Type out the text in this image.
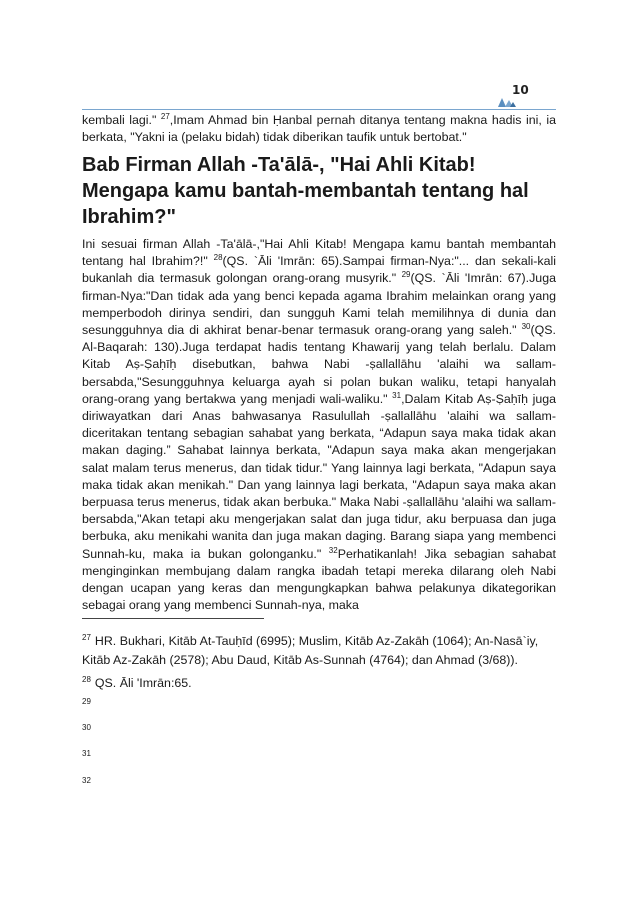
10
kembali lagi." $^{27}$,Imam Ahmad bin Ḥanbal pernah ditanya tentang makna hadis ini, ia berkata, "Yakni ia (pelaku bidah) tidak diberikan taufik untuk bertobat."
Bab Firman Allah -Ta'ālā-, "Hai Ahli Kitab! Mengapa kamu bantah-membantah tentang hal Ibrahim?"
Ini sesuai firman Allah -Ta'ālā-,"Hai Ahli Kitab! Mengapa kamu bantah membantah tentang hal Ibrahim?!" $^{28}$(QS. `Āli 'Imrān: 65).Sampai firman-Nya:"... dan sekali-kali bukanlah dia termasuk golongan orang-orang musyrik." $^{29}$(QS. `Āli 'Imrān: 67).Juga firman-Nya:"Dan tidak ada yang benci kepada agama Ibrahim melainkan orang yang memperbodoh dirinya sendiri, dan sungguh Kami telah memilihnya di dunia dan sesungguhnya dia di akhirat benar-benar termasuk orang-orang yang saleh." $^{30}$(QS. Al-Baqarah: 130).Juga terdapat hadis tentang Khawarij yang telah berlalu. Dalam Kitab Aṣ-Ṣaḥīḥ disebutkan, bahwa Nabi -ṣallallāhu 'alaihi wa sallam- bersabda,"Sesungguhnya keluarga ayah si polan bukan waliku, tetapi hanyalah orang-orang yang bertakwa yang menjadi wali-waliku." $^{31}$,Dalam Kitab Aṣ-Ṣaḥīḥ juga diriwayatkan dari Anas bahwasanya Rasulullah -ṣallallāhu 'alaihi wa sallam- diceritakan tentang sebagian sahabat yang berkata, “Adapun saya maka tidak akan makan daging.” Sahabat lainnya berkata, "Adapun saya maka akan mengerjakan salat malam terus menerus, dan tidak tidur." Yang lainnya lagi berkata, "Adapun saya maka tidak akan menikah." Dan yang lainnya lagi berkata, "Adapun saya maka akan berpuasa terus menerus, tidak akan berbuka." Maka Nabi -ṣallallāhu 'alaihi wa sallam- bersabda,"Akan tetapi aku mengerjakan salat dan juga tidur, aku berpuasa dan juga berbuka, aku menikahi wanita dan juga makan daging. Barang siapa yang membenci Sunnah-ku, maka ia bukan golonganku." $^{32}$Perhatikanlah! Jika sebagian sahabat menginginkan membujang dalam rangka ibadah tetapi mereka dilarang oleh Nabi dengan ucapan yang keras dan mengungkapkan bahwa pelakunya dikategorikan sebagai orang yang membenci Sunnah-nya, maka
$^{27}$ HR. Bukhari, Kitāb At-Tauḥīd (6995); Muslim, Kitāb Az-Zakāh (1064); An-Nasā`iy, Kitāb Az-Zakāh (2578); Abu Daud, Kitāb As-Sunnah (4764); dan Ahmad (3/68)).
$^{28}$ QS. Āli 'Imrān:65.
29
30
31
32
